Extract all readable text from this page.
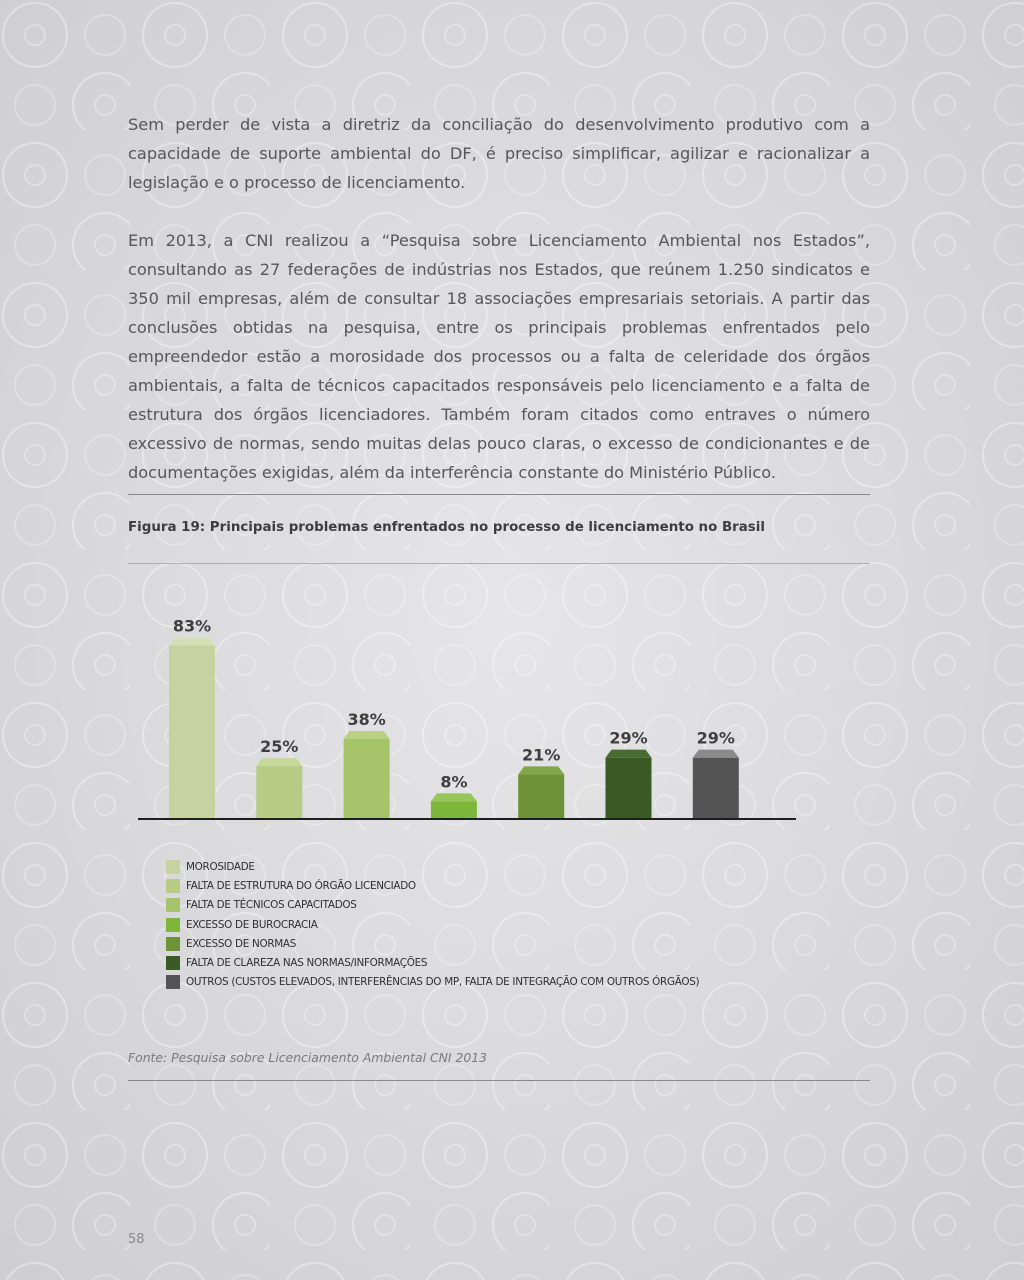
Sem perder de vista a diretriz da conciliação do desenvolvimento produtivo com a capacidade de suporte ambiental do DF, é preciso simplificar, agilizar e racionalizar a legislação e o processo de licenciamento.

Em 2013, a CNI realizou a “Pesquisa sobre Licenciamento Ambiental nos Estados”, consultando as 27 federações de indústrias nos Estados, que reúnem 1.250 sindicatos e 350 mil empresas, além de consultar 18 associações empresariais setoriais. A partir das conclusões obtidas na pesquisa, entre os principais problemas enfrentados pelo empreendedor estão a morosidade dos processos ou a falta de celeridade dos órgãos ambientais, a falta de técnicos capacitados responsáveis pelo licenciamento e a falta de estrutura dos órgãos licenciadores. Também foram citados como entraves o número excessivo de normas, sendo muitas delas pouco claras, o excesso de condicionantes e de documentações exigidas, além da interferência constante do Ministério Público.

Figura 19: Principais problemas enfrentados no processo de licenciamento no Brasil
83%
25%
38%
8%
21%
29%	29%
MOROSIDADE
FALTA DE ESTRUTURA DO ÓRGÃO LICENCIADO
FALTA DE TÉCNICOS CAPACITADOS
EXCESSO DE BUROCRACIA
EXCESSO DE NORMAS
FALTA DE CLAREZA NAS NORMAS/INFORMAÇÕES
OUTROS (CUSTOS ELEVADOS, INTERFERÊNCIAS DO MP, FALTA DE INTEGRAÇÃO COM OUTROS ÓRGÃOS)
Fonte: Pesquisa sobre Licenciamento Ambiental CNI 2013
58
